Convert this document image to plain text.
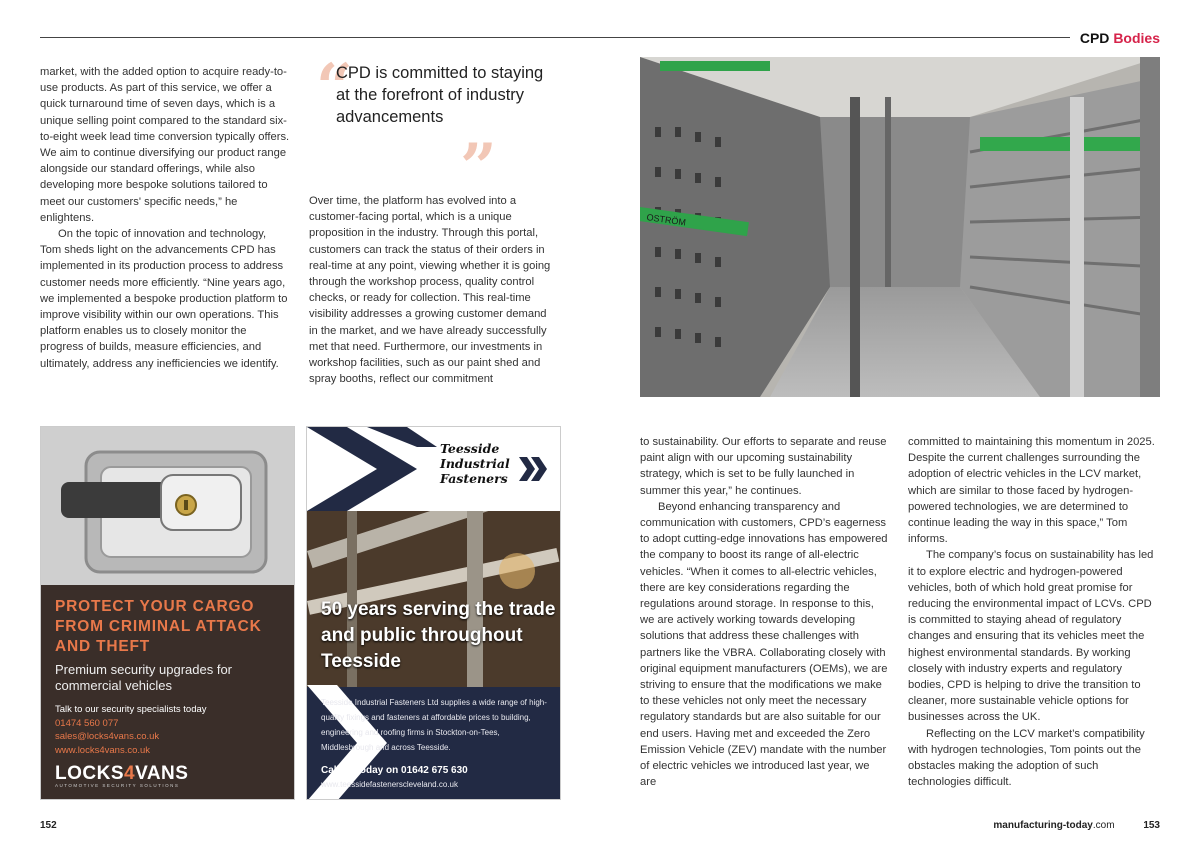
CPD Bodies

market, with the added option to acquire ready-to-use products. As part of this service, we offer a quick turnaround time of seven days, which is a unique selling point compared to the standard six-to-eight week lead time conversion typically offers. We aim to continue diversifying our product range alongside our standard offerings, while also developing more bespoke solutions tailored to meet our customers' specific needs,” he enlightens.

On the topic of innovation and technology, Tom sheds light on the advancements CPD has implemented in its production process to address customer needs more efficiently. “Nine years ago, we implemented a bespoke production platform to improve visibility within our own operations. This platform enables us to closely monitor the progress of builds, measure efficiencies, and ultimately, address any inefficiencies we identify.

“
CPD is committed to staying at the forefront of industry advancements
”

Over time, the platform has evolved into a customer-facing portal, which is a unique proposition in the industry. Through this portal, customers can track the status of their orders in real-time at any point, viewing whether it is going through the workshop process, quality control checks, or ready for collection. This real-time visibility addresses a growing customer demand in the market, and we have already successfully met that need. Furthermore, our investments in workshop facilities, such as our paint shed and spray booths, reflect our commitment

OSTRÖM

to sustainability. Our efforts to separate and reuse paint align with our upcoming sustainability strategy, which is set to be fully launched in summer this year,” he continues.

Beyond enhancing transparency and communication with customers, CPD’s eagerness to adopt cutting-edge innovations has empowered the company to boost its range of all-electric vehicles. “When it comes to all-electric vehicles, there are key considerations regarding the regulations around storage. In response to this, we are actively working towards developing solutions that address these challenges with partners like the VBRA. Collaborating closely with original equipment manufacturers (OEMs), we are striving to ensure that the modifications we make to these vehicles not only meet the necessary regulatory standards but are also suitable for our end users. Having met and exceeded the Zero Emission Vehicle (ZEV) mandate with the number of electric vehicles we introduced last year, we are

committed to maintaining this momentum in 2025. Despite the current challenges surrounding the adoption of electric vehicles in the LCV market, which are similar to those faced by hydrogen-powered technologies, we are determined to continue leading the way in this space,” Tom informs.

The company’s focus on sustainability has led it to explore electric and hydrogen-powered vehicles, both of which hold great promise for reducing the environmental impact of LCVs. CPD is committed to staying ahead of regulatory changes and ensuring that its vehicles meet the highest environmental standards. By working closely with industry experts and regulatory bodies, CPD is helping to drive the transition to cleaner, more sustainable vehicle options for businesses across the UK.

Reflecting on the LCV market’s compatibility with hydrogen technologies, Tom points out the obstacles making the adoption of such technologies difficult.

PROTECT YOUR CARGO FROM CRIMINAL ATTACK AND THEFT
Premium security upgrades for commercial vehicles
Talk to our security specialists today
01474 560 077
sales@locks4vans.co.uk
www.locks4vans.co.uk
LOCKS4VANS
AUTOMOTIVE SECURITY SOLUTIONS
Teesside
Industrial
Fasteners
50 years serving the trade and public throughout Teesside
Teesside Industrial Fasteners Ltd supplies a wide range of high-quality fixings and fasteners at affordable prices to building, engineering and roofing firms in Stockton-on-Tees, Middlesbrough and across Teesside.
Call us today on 01642 675 630
www.teessidefastenerscleveland.co.uk
152	manufacturing-today.com	153
